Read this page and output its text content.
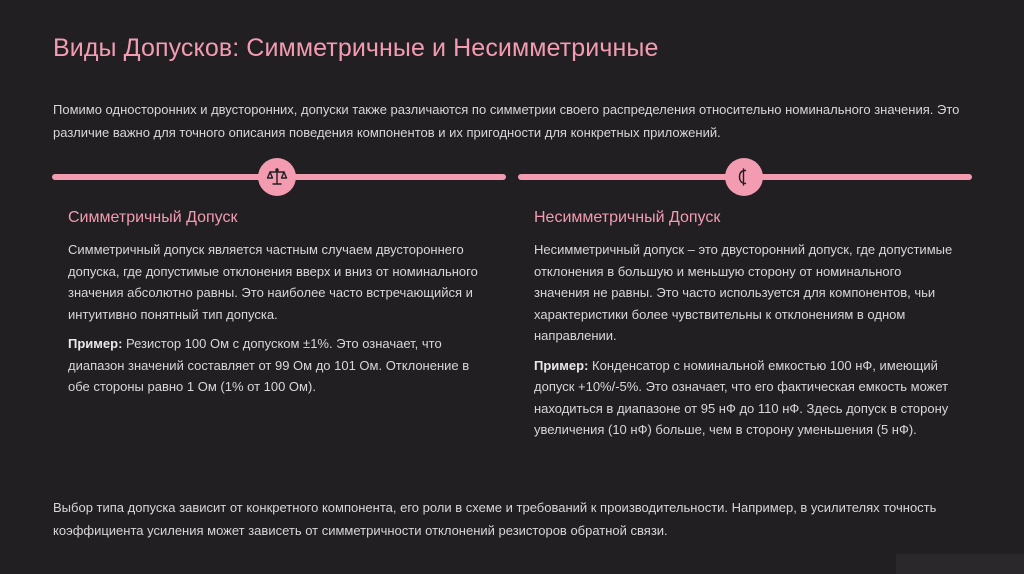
Виды Допусков: Симметричные и Несимметричные
Помимо односторонних и двусторонних, допуски также различаются по симметрии своего распределения относительно номинального значения. Это различие важно для точного описания поведения компонентов и их пригодности для конкретных приложений.
Симметричный Допуск

Симметричный допуск является частным случаем двустороннего допуска, где допустимые отклонения вверх и вниз от номинального значения абсолютно равны. Это наиболее часто встречающийся и интуитивно понятный тип допуска.

Пример: Резистор 100 Ом с допуском ±1%. Это означает, что диапазон значений составляет от 99 Ом до 101 Ом. Отклонение в обе стороны равно 1 Ом (1% от 100 Ом).

Несимметричный Допуск

Несимметричный допуск – это двусторонний допуск, где допустимые отклонения в большую и меньшую сторону от номинального значения не равны. Это часто используется для компонентов, чьи характеристики более чувствительны к отклонениям в одном направлении.

Пример: Конденсатор с номинальной емкостью 100 нФ, имеющий допуск +10%/-5%. Это означает, что его фактическая емкость может находиться в диапазоне от 95 нФ до 110 нФ. Здесь допуск в сторону увеличения (10 нФ) больше, чем в сторону уменьшения (5 нФ).

Выбор типа допуска зависит от конкретного компонента, его роли в схеме и требований к производительности. Например, в усилителях точность коэффициента усиления может зависеть от симметричности отклонений резисторов обратной связи.
